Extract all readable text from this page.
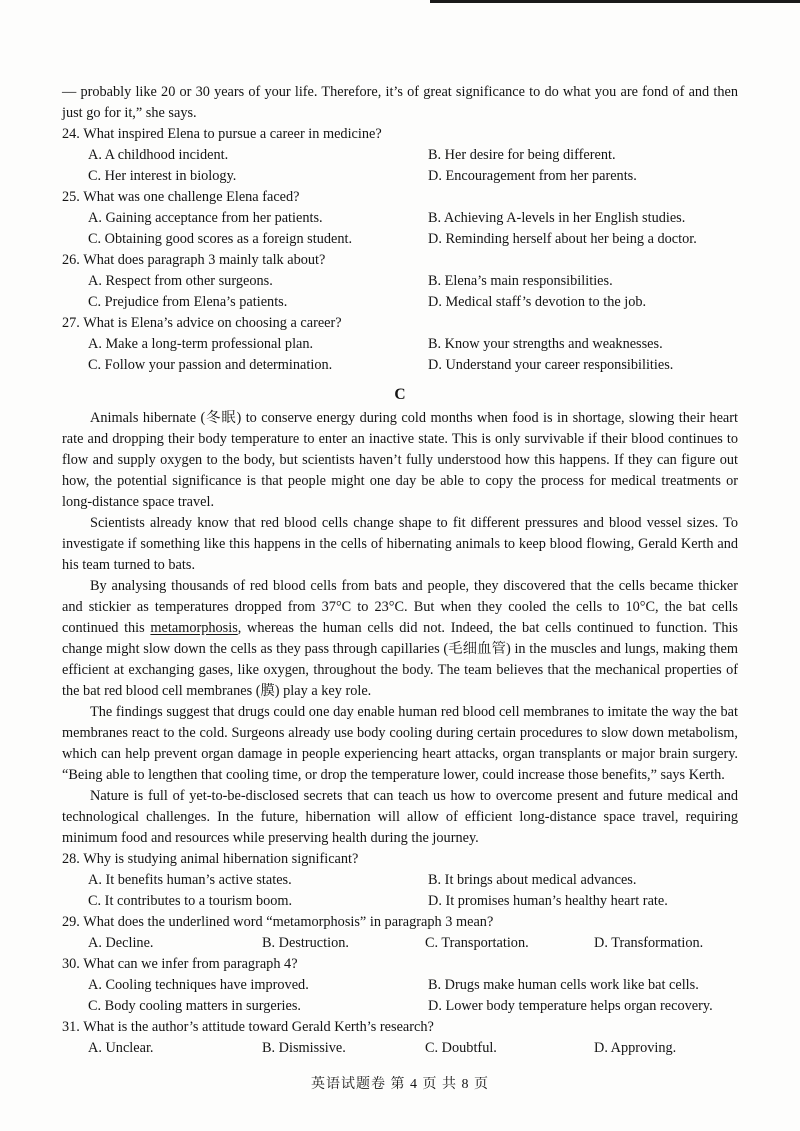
— probably like 20 or 30 years of your life. Therefore, it’s of great significance to do what you are fond of and then just go for it,” she says.

24. What inspired Elena to pursue a career in medicine?
A. A childhood incident.	B. Her desire for being different.
C. Her interest in biology.	D. Encouragement from her parents.
25. What was one challenge Elena faced?
A. Gaining acceptance from her patients.	B. Achieving A-levels in her English studies.
C. Obtaining good scores as a foreign student.	D. Reminding herself about her being a doctor.
26. What does paragraph 3 mainly talk about?
A. Respect from other surgeons.	B. Elena’s main responsibilities.
C. Prejudice from Elena’s patients.	D. Medical staff’s devotion to the job.
27. What is Elena’s advice on choosing a career?
A. Make a long-term professional plan.	B. Know your strengths and weaknesses.
C. Follow your passion and determination.	D. Understand your career responsibilities.
C

Animals hibernate (冬眠) to conserve energy during cold months when food is in shortage, slowing their heart rate and dropping their body temperature to enter an inactive state. This is only survivable if their blood continues to flow and supply oxygen to the body, but scientists haven’t fully understood how this happens. If they can figure out how, the potential significance is that people might one day be able to copy the process for medical treatments or long-distance space travel.

Scientists already know that red blood cells change shape to fit different pressures and blood vessel sizes. To investigate if something like this happens in the cells of hibernating animals to keep blood flowing, Gerald Kerth and his team turned to bats.

By analysing thousands of red blood cells from bats and people, they discovered that the cells became thicker and stickier as temperatures dropped from 37°C to 23°C. But when they cooled the cells to 10°C, the bat cells continued this metamorphosis, whereas the human cells did not. Indeed, the bat cells continued to function. This change might slow down the cells as they pass through capillaries (毛细血管) in the muscles and lungs, making them efficient at exchanging gases, like oxygen, throughout the body. The team believes that the mechanical properties of the bat red blood cell membranes (膜) play a key role.

The findings suggest that drugs could one day enable human red blood cell membranes to imitate the way the bat membranes react to the cold. Surgeons already use body cooling during certain procedures to slow down metabolism, which can help prevent organ damage in people experiencing heart attacks, organ transplants or major brain surgery. “Being able to lengthen that cooling time, or drop the temperature lower, could increase those benefits,” says Kerth.

Nature is full of yet-to-be-disclosed secrets that can teach us how to overcome present and future medical and technological challenges. In the future, hibernation will allow of efficient long-distance space travel, requiring minimum food and resources while preserving health during the journey.

28. Why is studying animal hibernation significant?
A. It benefits human’s active states.	B. It brings about medical advances.
C. It contributes to a tourism boom.	D. It promises human’s healthy heart rate.
29. What does the underlined word “metamorphosis” in paragraph 3 mean?
A. Decline.	B. Destruction.	C. Transportation.	D. Transformation.
30. What can we infer from paragraph 4?
A. Cooling techniques have improved.	B. Drugs make human cells work like bat cells.
C. Body cooling matters in surgeries.	D. Lower body temperature helps organ recovery.
31. What is the author’s attitude toward Gerald Kerth’s research?
A. Unclear.	B. Dismissive.	C. Doubtful.	D. Approving.
英语试题卷 第 4 页 共 8 页
